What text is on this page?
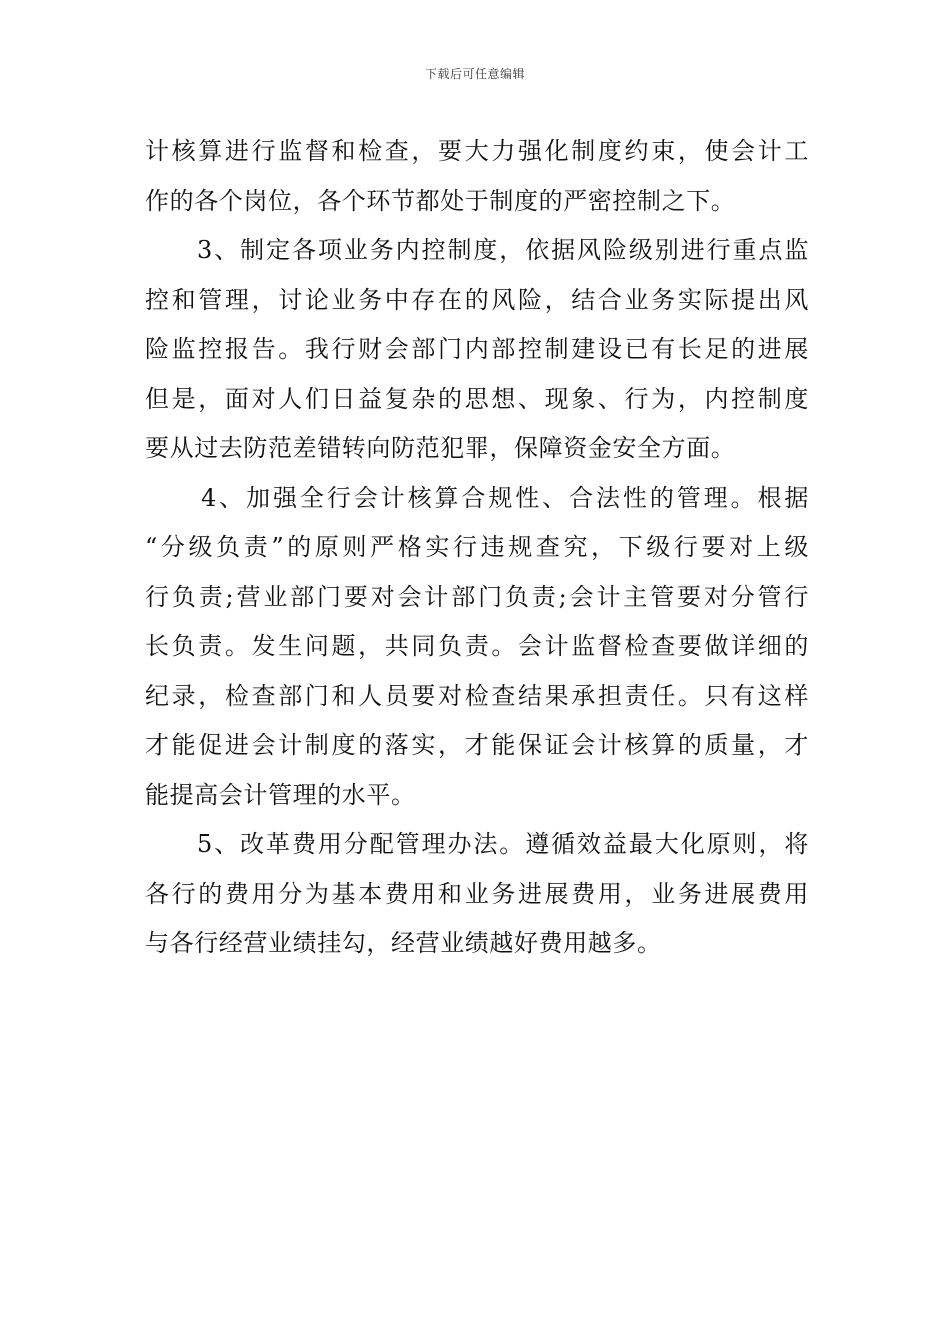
下载后可任意编辑
计核算进行监督和检查，要大力强化制度约束，使会计工
作的各个岗位，各个环节都处于制度的严密控制之下。
3、制定各项业务内控制度，依据风险级别进行重点监
控和管理，讨论业务中存在的风险，结合业务实际提出风
险监控报告。我行财会部门内部控制建设已有长足的进展
但是，面对人们日益复杂的思想、现象、行为，内控制度
要从过去防范差错转向防范犯罪，保障资金安全方面。
4、加强全行会计核算合规性、合法性的管理。根据
“分级负责”的原则严格实行违规查究，下级行要对上级
行负责;营业部门要对会计部门负责;会计主管要对分管行
长负责。发生问题，共同负责。会计监督检查要做详细的
纪录，检查部门和人员要对检查结果承担责任。只有这样
才能促进会计制度的落实，才能保证会计核算的质量，才
能提高会计管理的水平。
5、改革费用分配管理办法。遵循效益最大化原则，将
各行的费用分为基本费用和业务进展费用，业务进展费用
与各行经营业绩挂勾，经营业绩越好费用越多。
